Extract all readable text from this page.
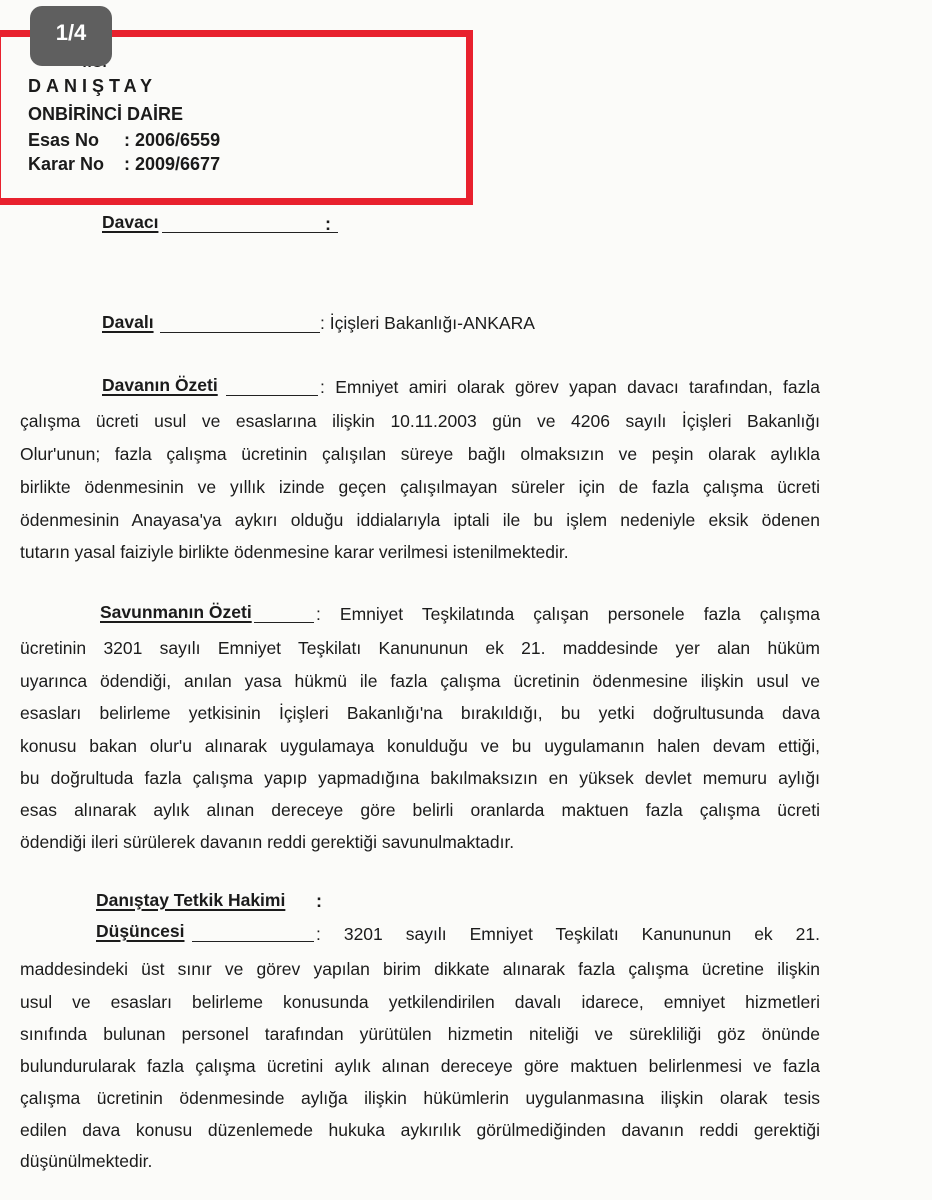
1/4
DANIŞTAY
ONBİRİNCİ DAİRE
Esas No : 2006/6559
Karar No : 2009/6677
Davacı	:
Davalı	: İçişleri Bakanlığı-ANKARA
Davanın Özeti	: Emniyet amiri olarak görev yapan davacı tarafından, fazla
çalışma ücreti usul ve esaslarına ilişkin 10.11.2003 gün ve 4206 sayılı İçişleri Bakanlığı
Olur'unun; fazla çalışma ücretinin çalışılan süreye bağlı olmaksızın ve peşin olarak aylıkla
birlikte ödenmesinin ve yıllık izinde geçen çalışılmayan süreler için de fazla çalışma ücreti
ödenmesinin Anayasa'ya aykırı olduğu iddialarıyla iptali ile bu işlem nedeniyle eksik ödenen
tutarın yasal faiziyle birlikte ödenmesine karar verilmesi istenilmektedir.
Savunmanın Özeti	: Emniyet Teşkilatında çalışan personele fazla çalışma
ücretinin 3201 sayılı Emniyet Teşkilatı Kanununun ek 21. maddesinde yer alan hüküm
uyarınca ödendiği, anılan yasa hükmü ile fazla çalışma ücretinin ödenmesine ilişkin usul ve
esasları belirleme yetkisinin İçişleri Bakanlığı'na bırakıldığı, bu yetki doğrultusunda dava
konusu bakan olur'u alınarak uygulamaya konulduğu ve bu uygulamanın halen devam ettiği,
bu doğrultuda fazla çalışma yapıp yapmadığına bakılmaksızın en yüksek devlet memuru aylığı
esas alınarak aylık alınan dereceye göre belirli oranlarda maktuen fazla çalışma ücreti
ödendiği ileri sürülerek davanın reddi gerektiği savunulmaktadır.
Danıştay Tetkik Hakimi :
Düşüncesi	: 3201 sayılı Emniyet Teşkilatı Kanununun ek 21.
maddesindeki üst sınır ve görev yapılan birim dikkate alınarak fazla çalışma ücretine ilişkin
usul ve esasları belirleme konusunda yetkilendirilen davalı idarece, emniyet hizmetleri
sınıfında bulunan personel tarafından yürütülen hizmetin niteliği ve sürekliliği göz önünde
bulundurularak fazla çalışma ücretini aylık alınan dereceye göre maktuen belirlenmesi ve fazla
çalışma ücretinin ödenmesinde aylığa ilişkin hükümlerin uygulanmasına ilişkin olarak tesis
edilen dava konusu düzenlemede hukuka aykırılık görülmediğinden davanın reddi gerektiği
düşünülmektedir.
